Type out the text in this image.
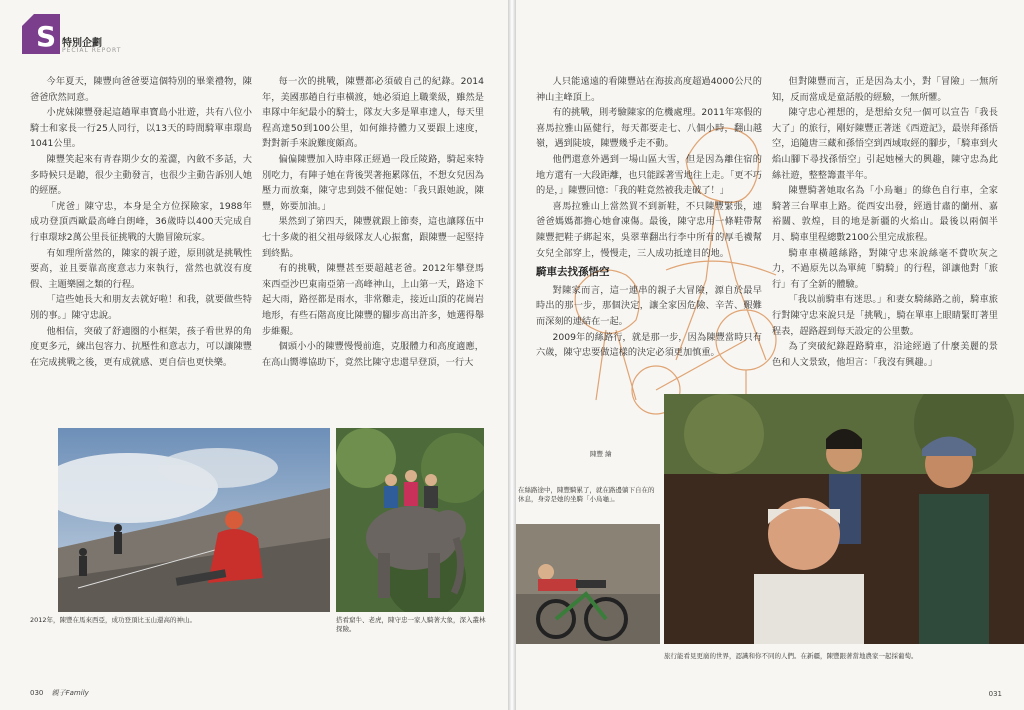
S 特別企劃
PECIAL REPORT

今年夏天，陳豐向爸爸要這個特別的畢業禮物，陳爸爸欣然同意。

小虎妹陳豐發起這趟單車寶島小壯遊，共有八位小騎士和家長一行25人同行，以13天的時間騎單車環島1041公里。

陳豐笑起來有青春期少女的羞澀，內斂不多話，大多時候只是聽，很少主動發言，也很少主動告訴別人她的經歷。

「虎爸」陳守忠，本身是全方位探險家，1988年成功登頂西歐最高峰白朗峰，36歲時以400天完成自行車環球2萬公里長征挑戰的大膽冒險玩家。

有如理所當然的，陳家的親子遊，原則就是挑戰性要高，並且要靠高度意志力來執行，當然也就沒有度假、主題樂園之類的行程。

「這些她長大和朋友去就好啦！和我，就要做些特別的事。」陳守忠說。

他相信，突破了舒適圈的小框架，孩子看世界的角度更多元，練出包容力、抗壓性和意志力，可以讓陳豐在完成挑戰之後，更有成就感、更自信也更快樂。

每一次的挑戰，陳豐都必須破自己的紀錄。2014年，美國那趟自行車橫渡，她必須追上職業級，雖然是車隊中年紀最小的騎士，隊友大多是單車達人，每天里程高達50到100公里，如何維持體力又要跟上速度，對對新手來說難度頗高。

偏偏陳豐加入時車隊正經過一段丘陵路，騎起來特別吃力，有陣子她在背後哭著拖累隊伍，不想女兒因為壓力而放棄，陳守忠到鼓不催促她：「我只跟她說，陳豐，妳要加油。」

果然到了第四天，陳豐就跟上節奏，這也讓隊伍中七十多歲的祖父祖母級隊友人心振奮，跟陳豐一起堅持到終點。

有的挑戰，陳豐甚至要超越老爸。2012年攀登馬來西亞沙巴東南亞第一高峰神山，上山第一天，路途下起大雨，路徑都是雨水，非常難走，接近山頂的花崗岩地形，有些石階高度比陳豐的腳步高出許多，她選得舉步維艱。

個頭小小的陳豐慢慢前進，克服體力和高度適應，在高山嚮導協助下，竟然比陳守忠還早登頂，一行大

2012年，陳豐在馬來西亞，成功登頂比玉山還高的神山。	搭看窟牛、老虎，陳守忠一家人騎著大象，深入叢林探險。
030 親子Family

人只能遠遠的看陳豐站在海拔高度超過4000公尺的神山主峰頂上。

有的挑戰，則考驗陳家的危機處理。2011年寒假的喜馬拉雅山區健行，每天都要走七、八個小時，翻山越嶺，遇到陡坡，陳豐幾乎走不動。

他們還意外遇到一場山區大雪，但是因為離住宿的地方還有一大段距離，也只能踩著雪地往上走。「更不巧的是，」陳豐回憶：「我的鞋竟然被我走破了！」

喜馬拉雅山上當然買不到新鞋，不只陳豐緊張，連爸爸媽媽都擔心她會凍傷。最後，陳守忠用一條鞋帶幫陳豐把鞋子綁起來，吳翠華翻出行李中所有的厚毛襪幫女兒全部穿上，慢慢走，三人成功抵達目的地。

騎車去找孫悟空

對陳家而言，這一連串的親子大冒險，源自於最早時出的那一步，那個決定，讓全家因危險、辛苦、艱難而深刻的連結在一起。

2009年的絲路行，就是那一步，因為陳豐當時只有六歲，陳守忠要做這樣的決定必須更加慎重。

但對陳豐而言，正是因為太小，對「冒險」一無所知，反而當成是童話般的經驗，一無所懼。

陳守忠心裡想的，是想給女兒一個可以宣告「我長大了」的旅行，剛好陳豐正著迷《西遊記》，最崇拜孫悟空，追隨唐三藏和孫悟空到西域取經的腳步，「騎車到火焰山腳下尋找孫悟空」引起她極大的興趣，陳守忠為此絲社遊，整整籌畫半年。

陳豐騎著她取名為「小烏龜」的綠色自行車，全家騎著三台單車上路。從西安出發，經過甘肅的蘭州、嘉裕關、敦煌，目的地是新疆的火焰山。最後以兩個半月、騎車里程總數2100公里完成旅程。

騎車車橫越絲路，對陳守忠來說絲毫不費吹灰之力，不過原先以為單純「騎騎」的行程，卻讓他對「旅行」有了全新的體驗。

「我以前騎車有迷思。」和妻女騎絲路之前，騎車旅行對陳守忠來說只是「挑戰」，騎在單車上眼睛緊盯著里程表，趕路趕到每天設定的公里數。

為了突破紀錄趕路騎車，沿途經過了什麼美麗的景色和人文景致，他坦言：「我沒有興趣。」

陳豐 繪
在絲路途中，陳豐騎累了，就在路邊躺下自在的休息，身旁是她的坐騎「小烏龜」。
旅行能看見更廣的世界，認識和你不同的人們。在新疆，陳豐跟著當地農家一起採葡萄。
031
